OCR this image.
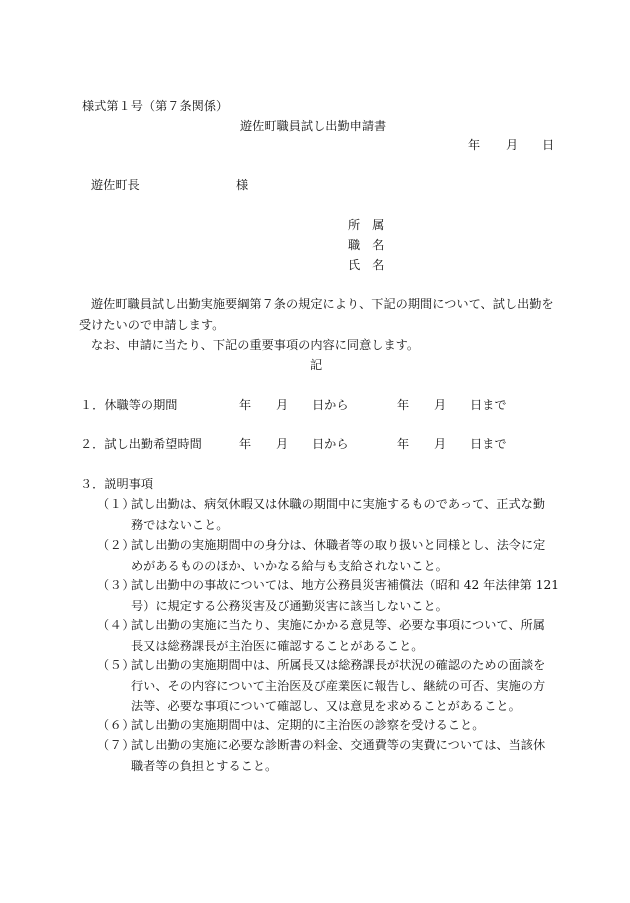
様式第１号（第７条関係）
遊佐町職員試し出勤申請書
年 月 日
遊佐町長	様
所属
職名
氏名
遊佐町職員試し出勤実施要綱第７条の規定により、下記の期間について、試し出勤を
受けたいので申請します。
なお、申請に当たり、下記の重要事項の内容に同意します。
記
１．休職等の期間	年 月 日から	年 月 日まで
２．試し出勤希望時間	年 月 日から	年 月 日まで
３．説明事項
（１）
試し出勤は、病気休暇又は休職の期間中に実施するものであって、正式な勤
務ではないこと。
（２）
試し出勤の実施期間中の身分は、休職者等の取り扱いと同様とし、法令に定
めがあるもののほか、いかなる給与も支給されないこと。
（３）
試し出勤中の事故については、地方公務員災害補償法（昭和 42 年法律第 121
号）に規定する公務災害及び通勤災害に該当しないこと。
（４）
試し出勤の実施に当たり、実施にかかる意見等、必要な事項について、所属
長又は総務課長が主治医に確認することがあること。
（５）
試し出勤の実施期間中は、所属長又は総務課長が状況の確認のための面談を
行い、その内容について主治医及び産業医に報告し、継続の可否、実施の方
法等、必要な事項について確認し、又は意見を求めることがあること。
（６）
試し出勤の実施期間中は、定期的に主治医の診察を受けること。
（７）
試し出勤の実施に必要な診断書の料金、交通費等の実費については、当該休
職者等の負担とすること。
